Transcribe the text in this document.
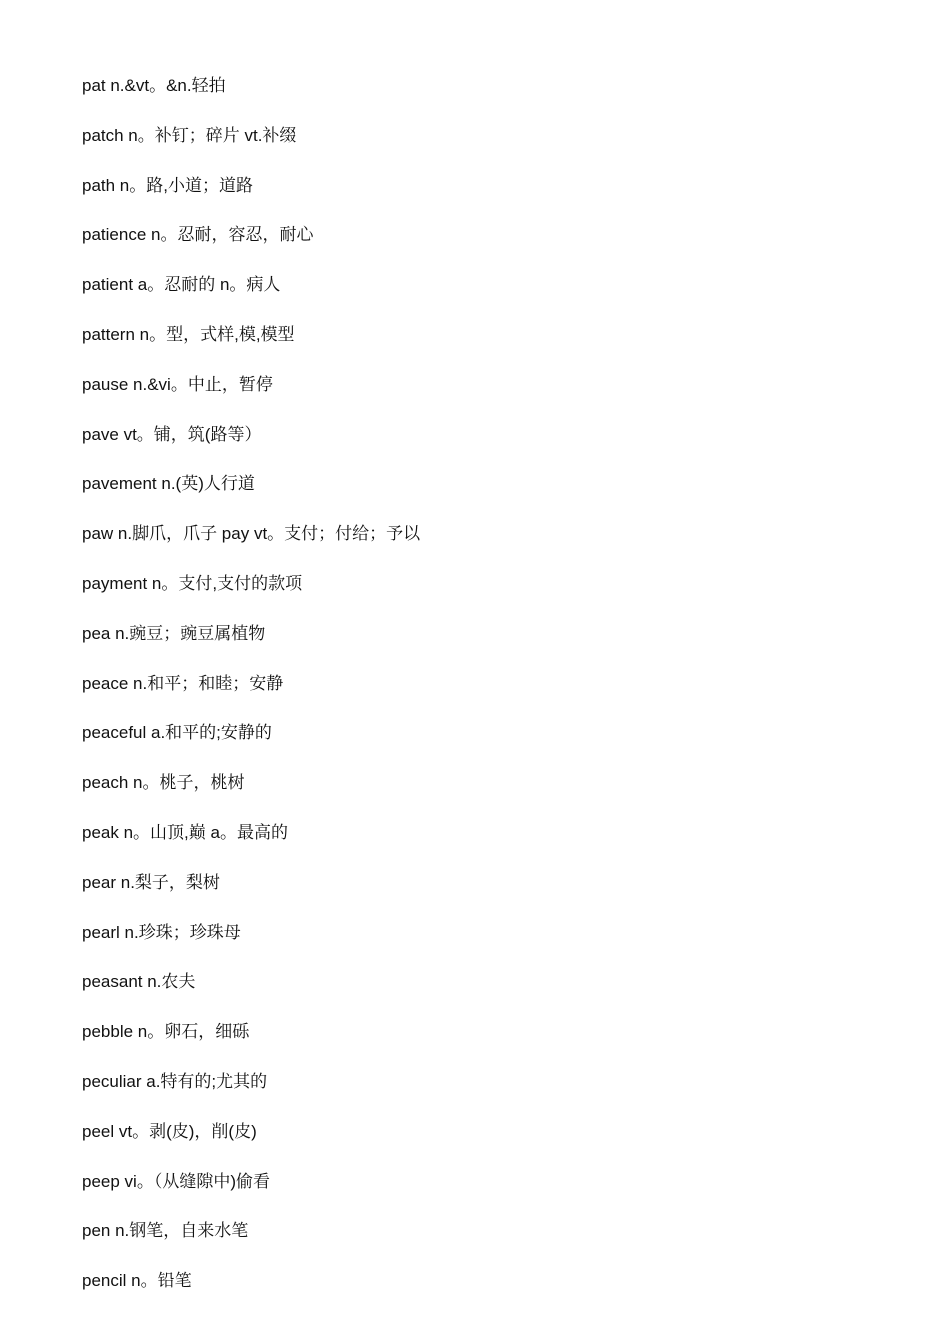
pat n.&vt。&n.轻拍
patch n。补钉；碎片 vt.补缀
path n。路,小道；道路
patience n。忍耐，容忍，耐心
patient a。忍耐的 n。病人
pattern n。型，式样,模,模型
pause n.&vi。中止，暂停
pave vt。铺，筑(路等）
pavement n.(英)人行道
paw n.脚爪，爪子 pay vt。支付；付给；予以
payment n。支付,支付的款项
pea n.豌豆；豌豆属植物
peace n.和平；和睦；安静
peaceful a.和平的;安静的
peach n。桃子，桃树
peak n。山顶,巅 a。最高的
pear n.梨子，梨树
pearl n.珍珠；珍珠母
peasant n.农夫
pebble n。卵石，细砾
peculiar a.特有的;尤其的
peel vt。剥(皮)，削(皮)
peep vi。（从缝隙中)偷看
pen n.钢笔，自来水笔
pencil n。铅笔
